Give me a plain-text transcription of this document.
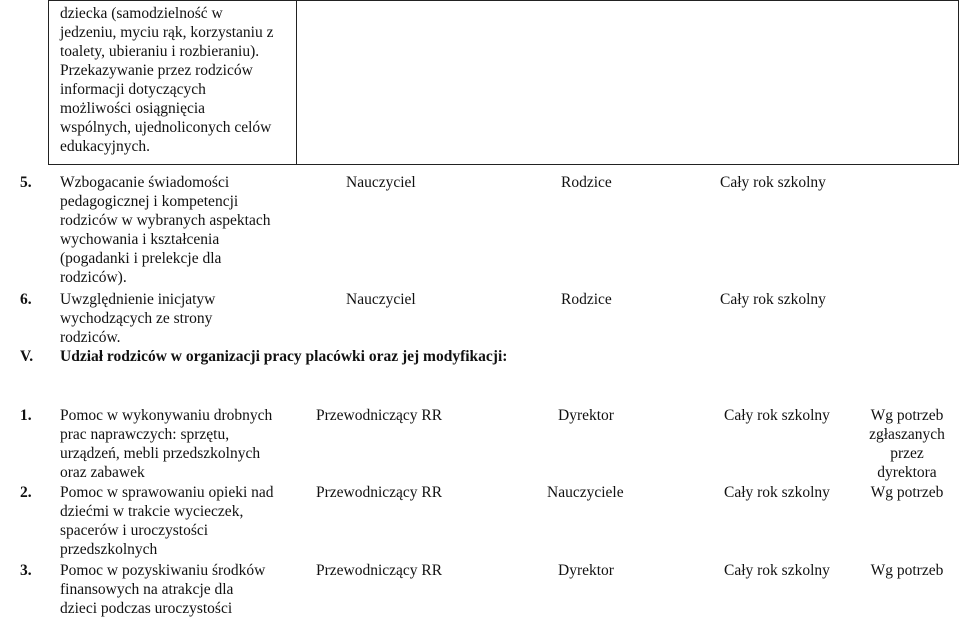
dziecka (samodzielność w
jedzeniu, myciu rąk, korzystaniu z
toalety, ubieraniu i rozbieraniu).
Przekazywanie przez rodziców
informacji dotyczących
możliwości osiągnięcia
wspólnych, ujednoliconych celów
edukacyjnych.
5. Wzbogacanie świadomości
pedagogicznej i kompetencji
rodziców w wybranych aspektach
wychowania i kształcenia
(pogadanki i prelekcje dla
rodziców).
Nauczyciel	Rodzice	Cały rok szkolny
6. Uwzględnienie inicjatyw
wychodzących ze strony
rodziców.
Nauczyciel	Rodzice	Cały rok szkolny
V. Udział rodziców w organizacji pracy placówki oraz jej modyfikacji:
1. Pomoc w wykonywaniu drobnych
prac naprawczych: sprzętu,
urządzeń, mebli przedszkolnych
oraz zabawek
Przewodniczący RR	Dyrektor	Cały rok szkolny	Wg potrzeb
zgłaszanych
przez
dyrektora
2. Pomoc w sprawowaniu opieki nad
dziećmi w trakcie wycieczek,
spacerów i uroczystości
przedszkolnych
Przewodniczący RR	Nauczyciele	Cały rok szkolny	Wg potrzeb
3. Pomoc w pozyskiwaniu środków
finansowych na atrakcje dla
dzieci podczas uroczystości
Przewodniczący RR	Dyrektor	Cały rok szkolny	Wg potrzeb
